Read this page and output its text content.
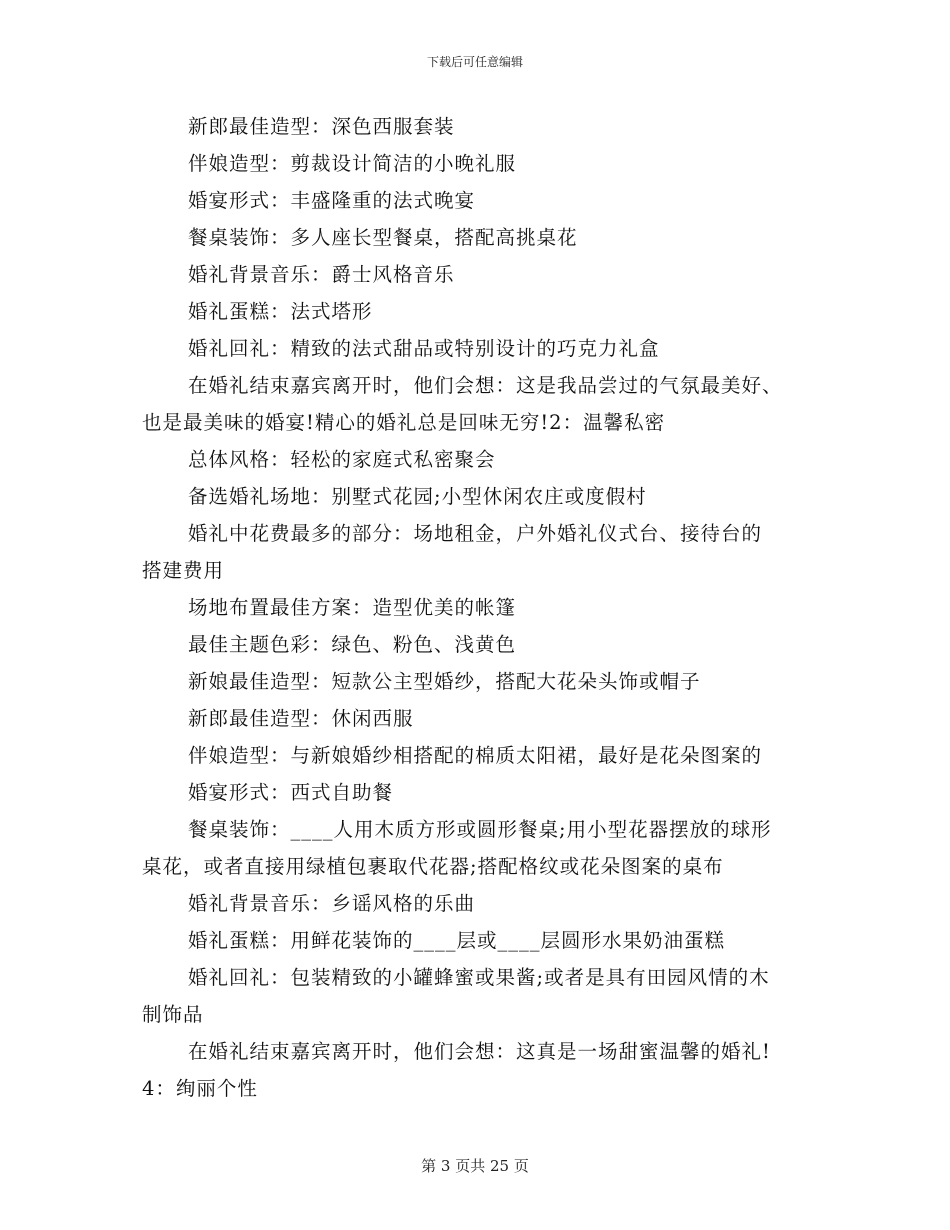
下载后可任意编辑
新郎最佳造型：深色西服套装
伴娘造型：剪裁设计简洁的小晚礼服
婚宴形式：丰盛隆重的法式晚宴
餐桌装饰：多人座长型餐桌，搭配高挑桌花
婚礼背景音乐：爵士风格音乐
婚礼蛋糕：法式塔形
婚礼回礼：精致的法式甜品或特别设计的巧克力礼盒
在婚礼结束嘉宾离开时，他们会想：这是我品尝过的气氛最美好、
也是最美味的婚宴!精心的婚礼总是回味无穷!2：温馨私密
总体风格：轻松的家庭式私密聚会
备选婚礼场地：别墅式花园;小型休闲农庄或度假村
婚礼中花费最多的部分：场地租金，户外婚礼仪式台、接待台的
搭建费用
场地布置最佳方案：造型优美的帐篷
最佳主题色彩：绿色、粉色、浅黄色
新娘最佳造型：短款公主型婚纱，搭配大花朵头饰或帽子
新郎最佳造型：休闲西服
伴娘造型：与新娘婚纱相搭配的棉质太阳裙，最好是花朵图案的
婚宴形式：西式自助餐
餐桌装饰：____人用木质方形或圆形餐桌;用小型花器摆放的球形
桌花，或者直接用绿植包裹取代花器;搭配格纹或花朵图案的桌布
婚礼背景音乐：乡谣风格的乐曲
婚礼蛋糕：用鲜花装饰的____层或____层圆形水果奶油蛋糕
婚礼回礼：包装精致的小罐蜂蜜或果酱;或者是具有田园风情的木
制饰品
在婚礼结束嘉宾离开时，他们会想：这真是一场甜蜜温馨的婚礼!
4：绚丽个性
第 3 页共 25 页
